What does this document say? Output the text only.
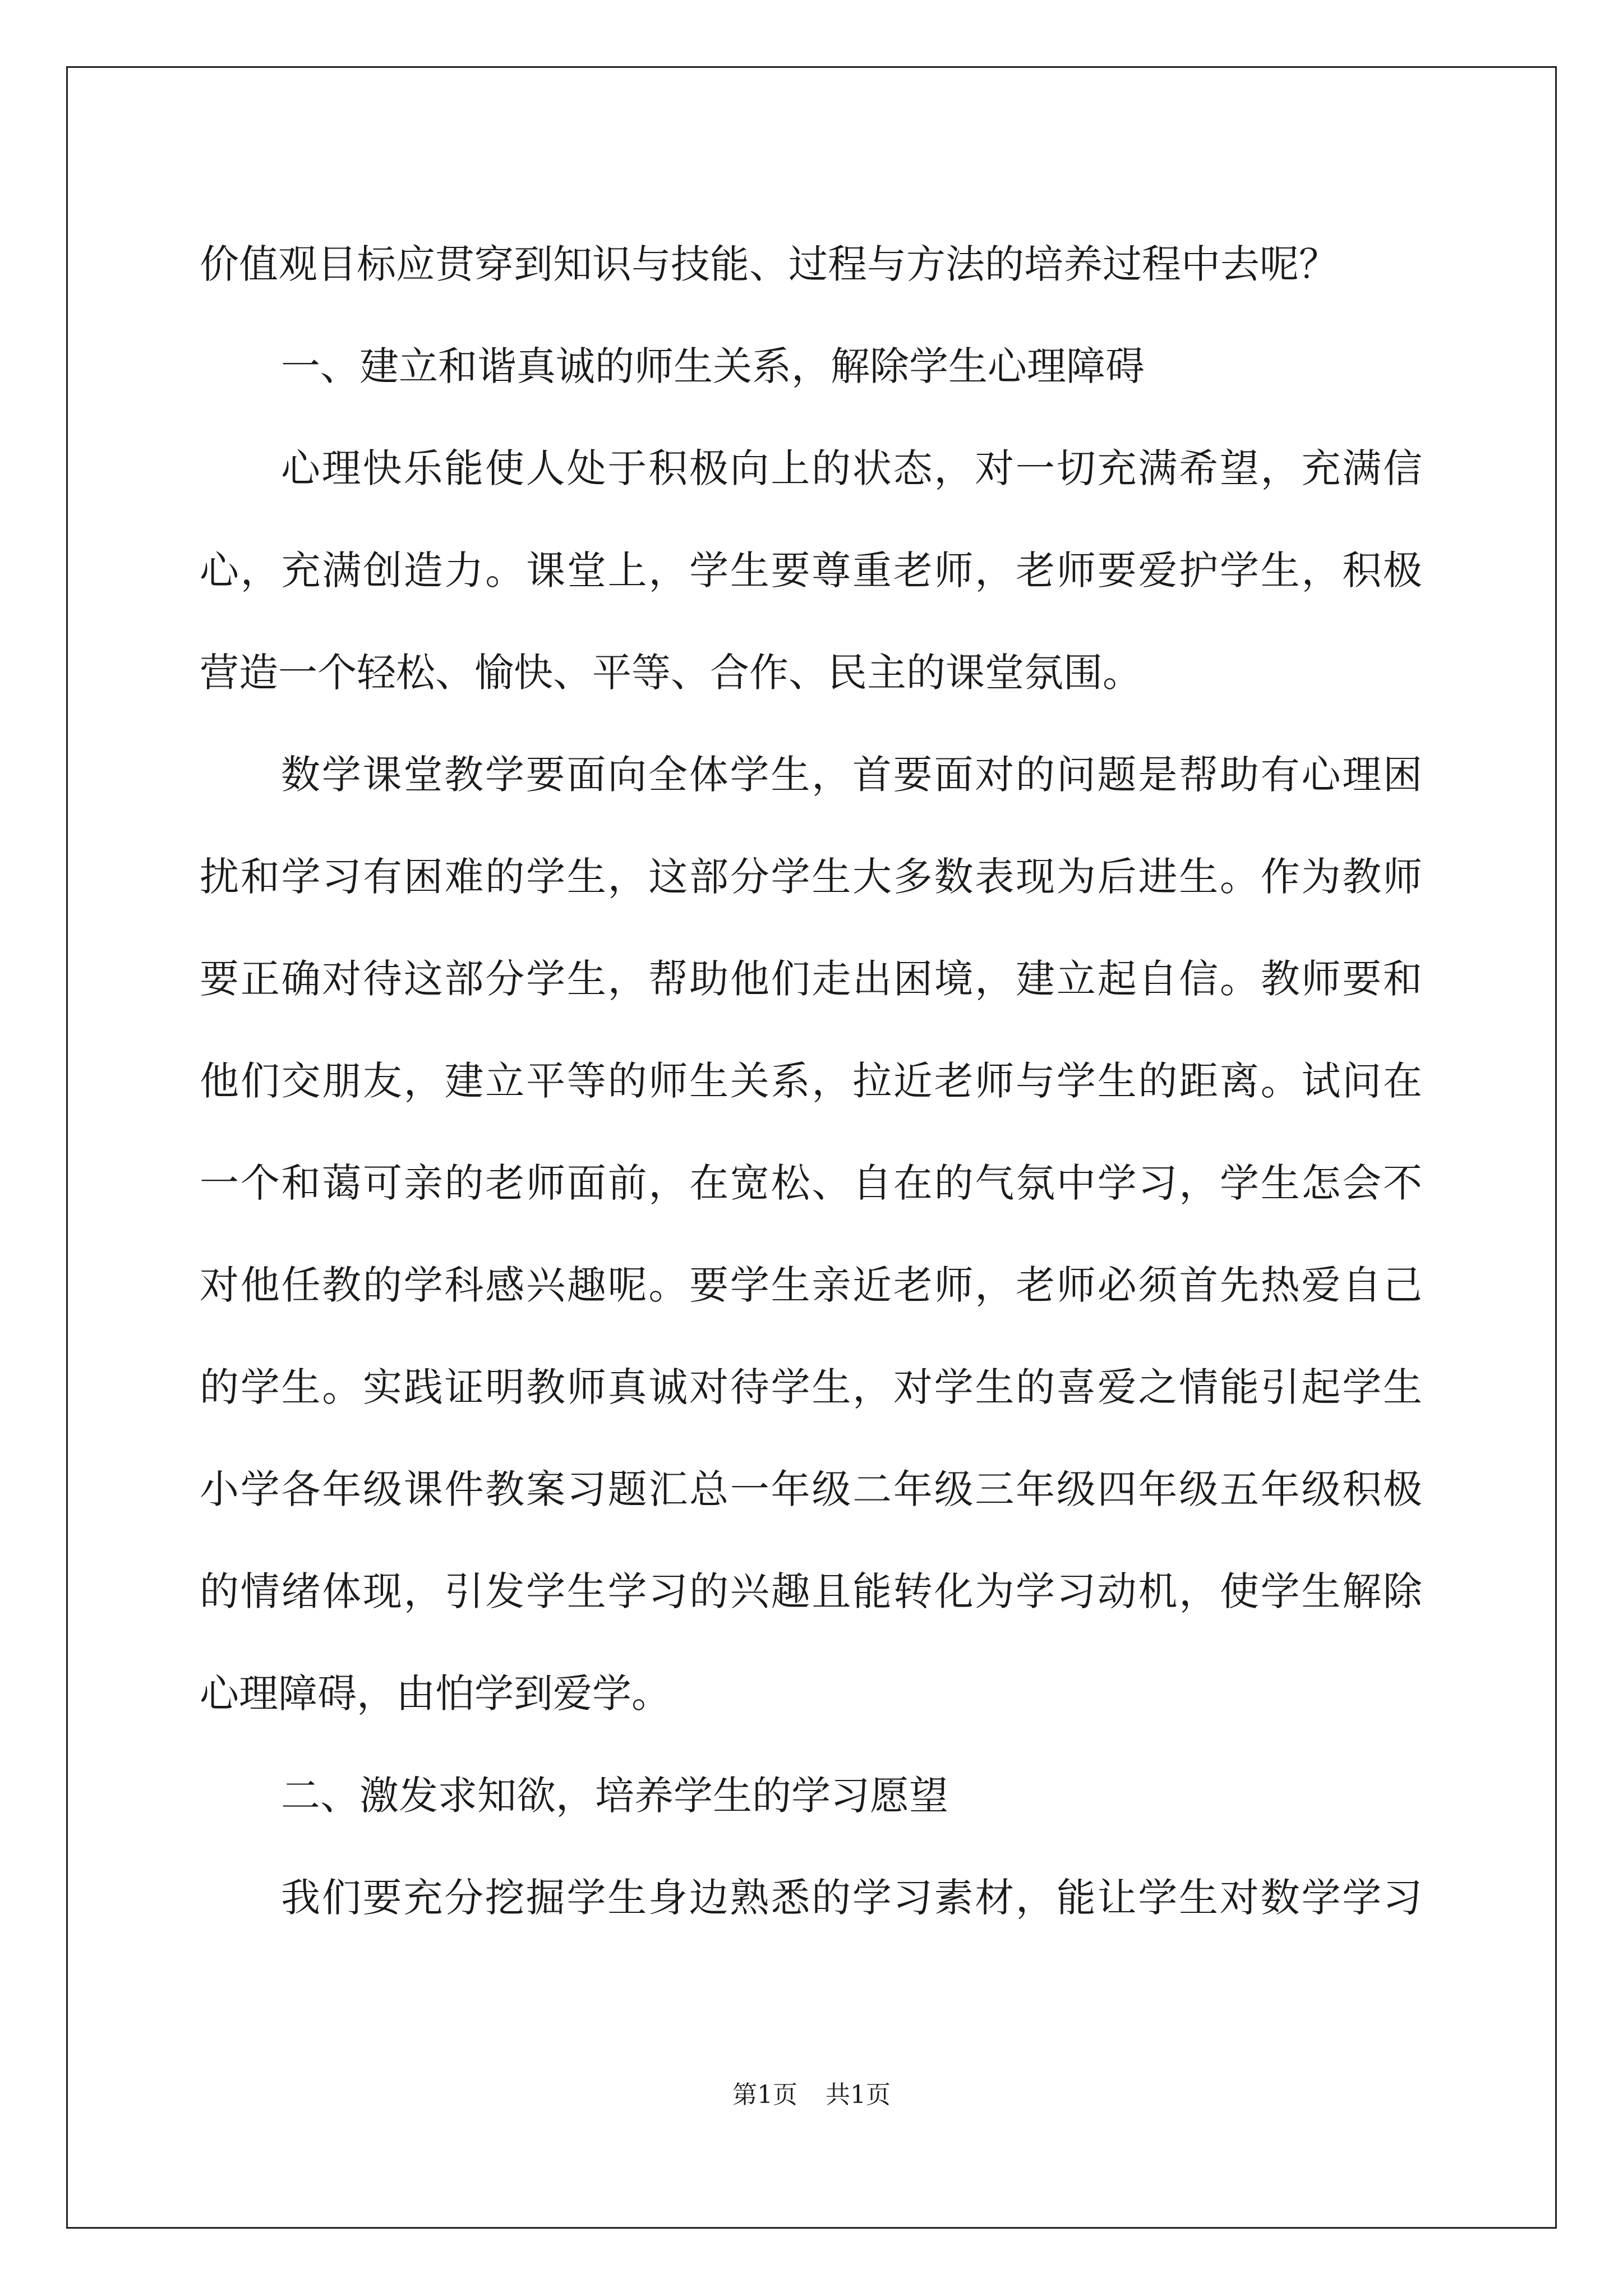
价值观目标应贯穿到知识与技能、过程与方法的培养过程中去呢？
一、建立和谐真诚的师生关系，解除学生心理障碍
心理快乐能使人处于积极向上的状态，对一切充满希望，充满信
心，充满创造力。课堂上，学生要尊重老师，老师要爱护学生，积极
营造一个轻松、愉快、平等、合作、民主的课堂氛围。
数学课堂教学要面向全体学生，首要面对的问题是帮助有心理困
扰和学习有困难的学生，这部分学生大多数表现为后进生。作为教师
要正确对待这部分学生，帮助他们走出困境，建立起自信。教师要和
他们交朋友，建立平等的师生关系，拉近老师与学生的距离。试问在
一个和蔼可亲的老师面前，在宽松、自在的气氛中学习，学生怎会不
对他任教的学科感兴趣呢。要学生亲近老师，老师必须首先热爱自己
的学生。实践证明教师真诚对待学生，对学生的喜爱之情能引起学生
小学各年级课件教案习题汇总一年级二年级三年级四年级五年级积极
的情绪体现，引发学生学习的兴趣且能转化为学习动机，使学生解除
心理障碍，由怕学到爱学。
二、激发求知欲，培养学生的学习愿望
我们要充分挖掘学生身边熟悉的学习素材，能让学生对数学学习
第1页 共1页
